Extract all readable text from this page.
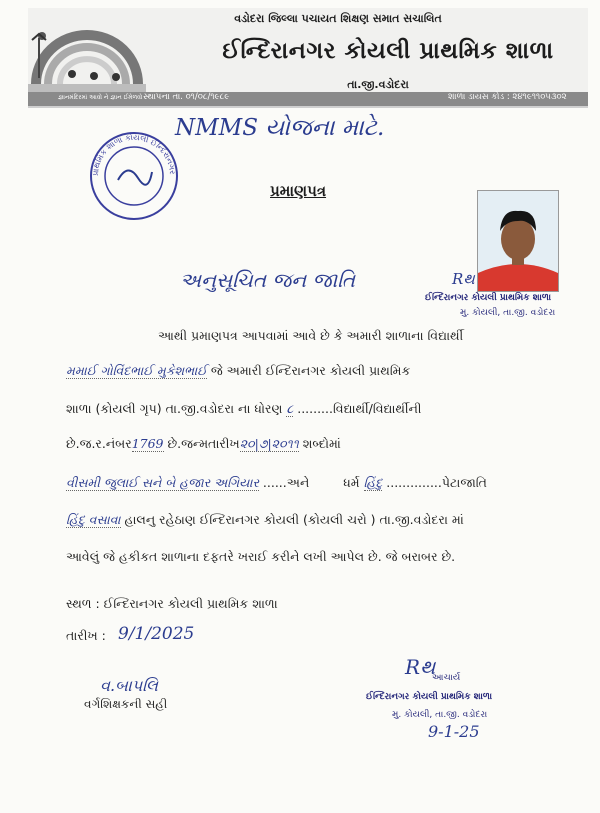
વડોદરા જિલ્લા પચાયત શિક્ષણ સમાત સચાલિત
ઈન્દિરાનગર કોયલી પ્રાથમિક શાળા
તા.જી.વડોદરા
જ્ઞાનમંદિરમાં આવો ને જ્ઞાન ઈમેળવો સ્થાપના તા. ૦૧/૦૮/૧૯૮૯	શાળા ડાયસ કોડ : ૨૪૧૯૧૧૦૫૩૦૨
NMMS યોજના માટે.
પ્રાથમિક શાળા કોયલી ઈન્દિરાનગર
પ્રમાણપત્ર
અનુસૂચિત જન જાતિ	Rથ
ઈન્દિરાનગર કોયલી પ્રાથમિક શાળા
મુ. કોયલી, તા.જી. વડોદરા
આથી પ્રમાણપત્ર આપવામાં આવે છે કે અમારી શાળાના વિદ્યાર્થી
મમાઈ ગોવિંદભાઈ મુકેશભાઈ જે અમારી ઈન્દિરાનગર કોયલી પ્રાથમિક
શાળા (કોયલી ગૃપ) તા.જી.વડોદરા ના ધોરણ ૮ .........વિદ્યાર્થી/વિદ્યાર્થીની
છે.જ.ર.નંબર1769 છે.જન્મતારીખ૨૦|૭|૨૦૧૧ શબ્દોમાં
વીસમી જુલાઈ સને બે હજાર અગિયાર ......અને	ધર્મ હિંદુ ..............પેટાજાતિ
હિંદુ વસાવા હાલનુ રહેઠાણ ઈન્દિરાનગર કોયલી (કોયલી ચરો ) તા.જી.વડોદરા માં
આવેલું જે હકીકત શાળાના દફતરે ખરાઈ કરીને લખી આપેલ છે. જે બરાબર છે.
સ્થળ : ઈન્દિરાનગર કોયલી પ્રાથમિક શાળા
તારીખ : 9/1/2025
વ.બાપલિ
વર્ગશિક્ષકની સહી
Rથ
આચાર્ય
ઈન્દિરાનગર કોયલી પ્રાથમિક શાળા
મુ. કોયલી, તા.જી. વડોદરા
9-1-25
